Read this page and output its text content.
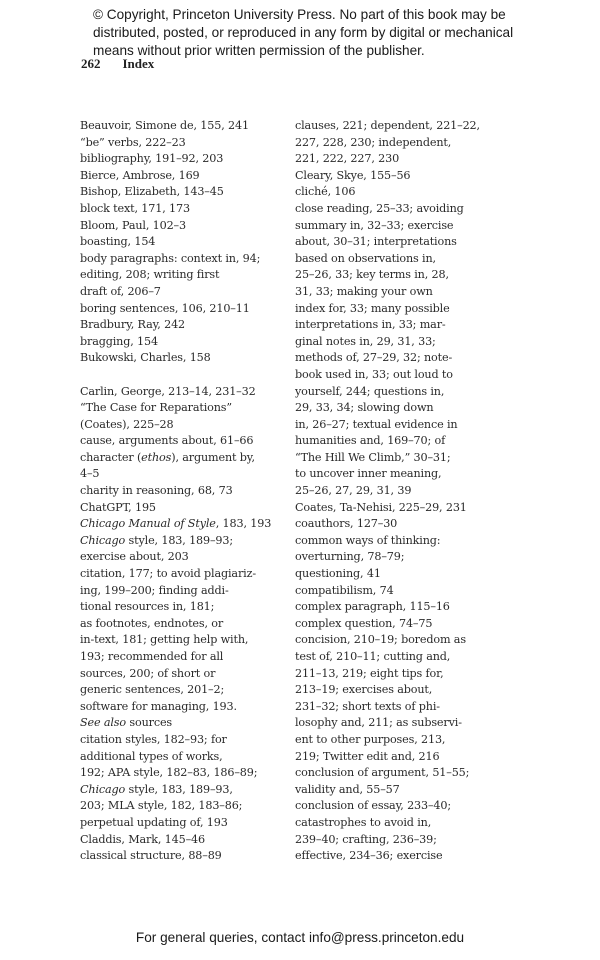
© Copyright, Princeton University Press. No part of this book may be
distributed, posted, or reproduced in any form by digital or mechanical
means without prior written permission of the publisher.
262 Index
Beauvoir, Simone de, 155, 241
“be” verbs, 222–23
bibliography, 191–92, 203
Bierce, Ambrose, 169
Bishop, Elizabeth, 143–45
block text, 171, 173
Bloom, Paul, 102–3
boasting, 154
body paragraphs: context in, 94;
editing, 208; writing first
draft of, 206–7
boring sentences, 106, 210–11
Bradbury, Ray, 242
bragging, 154
Bukowski, Charles, 158
Carlin, George, 213–14, 231–32
“The Case for Reparations”
(Coates), 225–28
cause, arguments about, 61–66
character (ethos), argument by,
4–5
charity in reasoning, 68, 73
ChatGPT, 195
Chicago Manual of Style, 183, 193
Chicago style, 183, 189–93;
exercise about, 203
citation, 177; to avoid plagiariz-
ing, 199–200; finding addi-
tional resources in, 181;
as footnotes, endnotes, or
in-text, 181; getting help with,
193; recommended for all
sources, 200; of short or
generic sentences, 201–2;
software for managing, 193.
See also sources
citation styles, 182–93; for
additional types of works,
192; APA style, 182–83, 186–89;
Chicago style, 183, 189–93,
203; MLA style, 182, 183–86;
perpetual updating of, 193
Claddis, Mark, 145–46
classical structure, 88–89
clauses, 221; dependent, 221–22,
227, 228, 230; independent,
221, 222, 227, 230
Cleary, Skye, 155–56
cliché, 106
close reading, 25–33; avoiding
summary in, 32–33; exercise
about, 30–31; interpretations
based on observations in,
25–26, 33; key terms in, 28,
31, 33; making your own
index for, 33; many possible
interpretations in, 33; mar-
ginal notes in, 29, 31, 33;
methods of, 27–29, 32; note-
book used in, 33; out loud to
yourself, 244; questions in,
29, 33, 34; slowing down
in, 26–27; textual evidence in
humanities and, 169–70; of
“The Hill We Climb,” 30–31;
to uncover inner meaning,
25–26, 27, 29, 31, 39
Coates, Ta-Nehisi, 225–29, 231
coauthors, 127–30
common ways of thinking:
overturning, 78–79;
questioning, 41
compatibilism, 74
complex paragraph, 115–16
complex question, 74–75
concision, 210–19; boredom as
test of, 210–11; cutting and,
211–13, 219; eight tips for,
213–19; exercises about,
231–32; short texts of phi-
losophy and, 211; as subservi-
ent to other purposes, 213,
219; Twitter edit and, 216
conclusion of argument, 51–55;
validity and, 55–57
conclusion of essay, 233–40;
catastrophes to avoid in,
239–40; crafting, 236–39;
effective, 234–36; exercise
For general queries, contact info@press.princeton.edu
